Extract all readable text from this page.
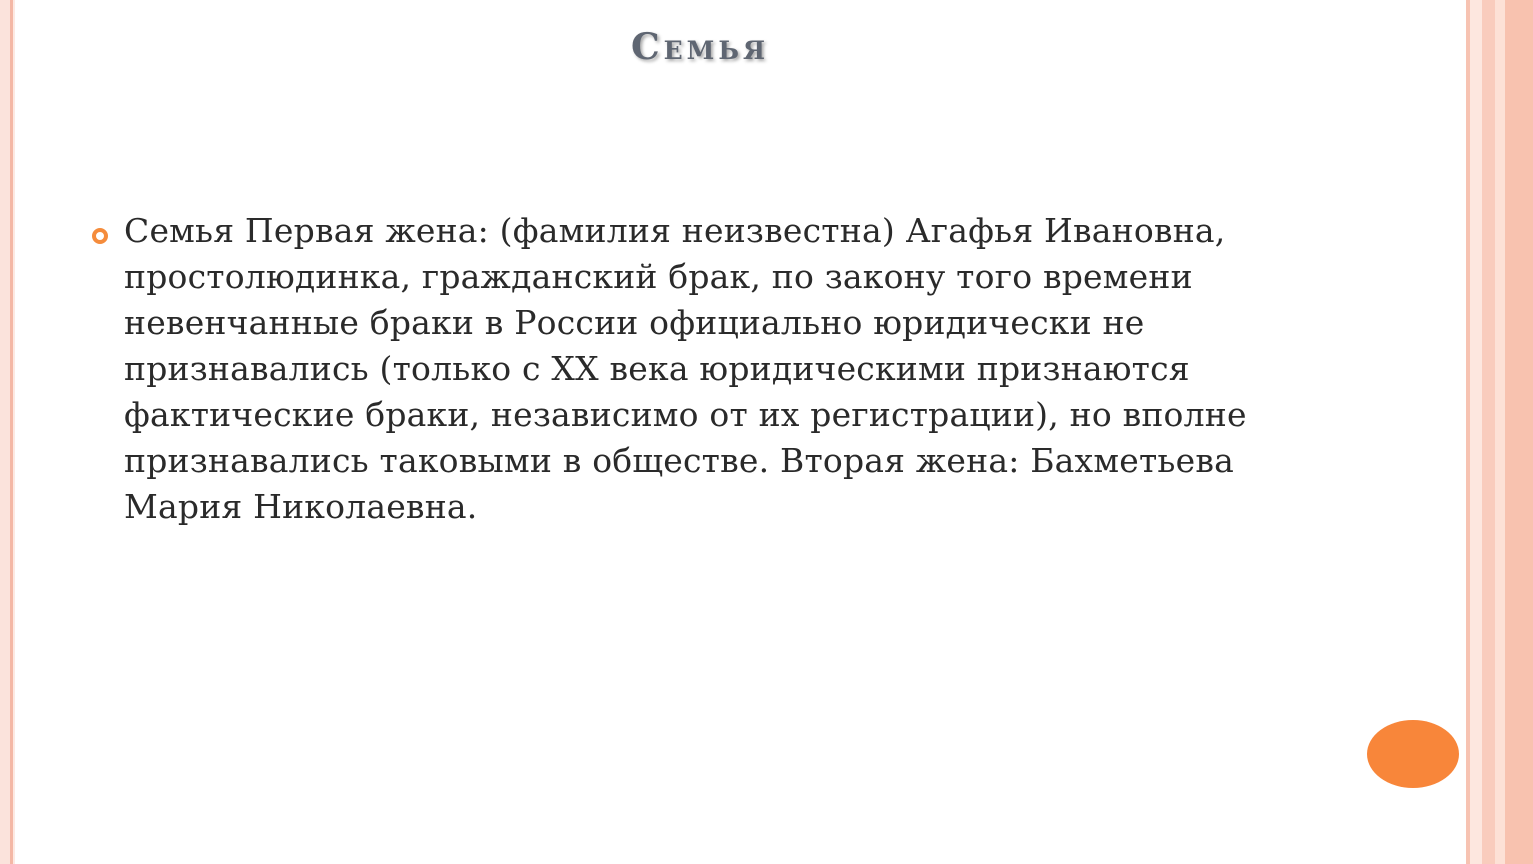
Семья

Семья Первая жена: (фамилия неизвестна) Агафья Ивановна, простолюдинка, гражданский брак, по закону того времени невенчанные браки в России официально юридически не признавались (только с XX века юридическими признаются фактические браки, независимо от их регистрации), но вполне признавались таковыми в обществе. Вторая жена: Бахметьева Мария Николаевна.
